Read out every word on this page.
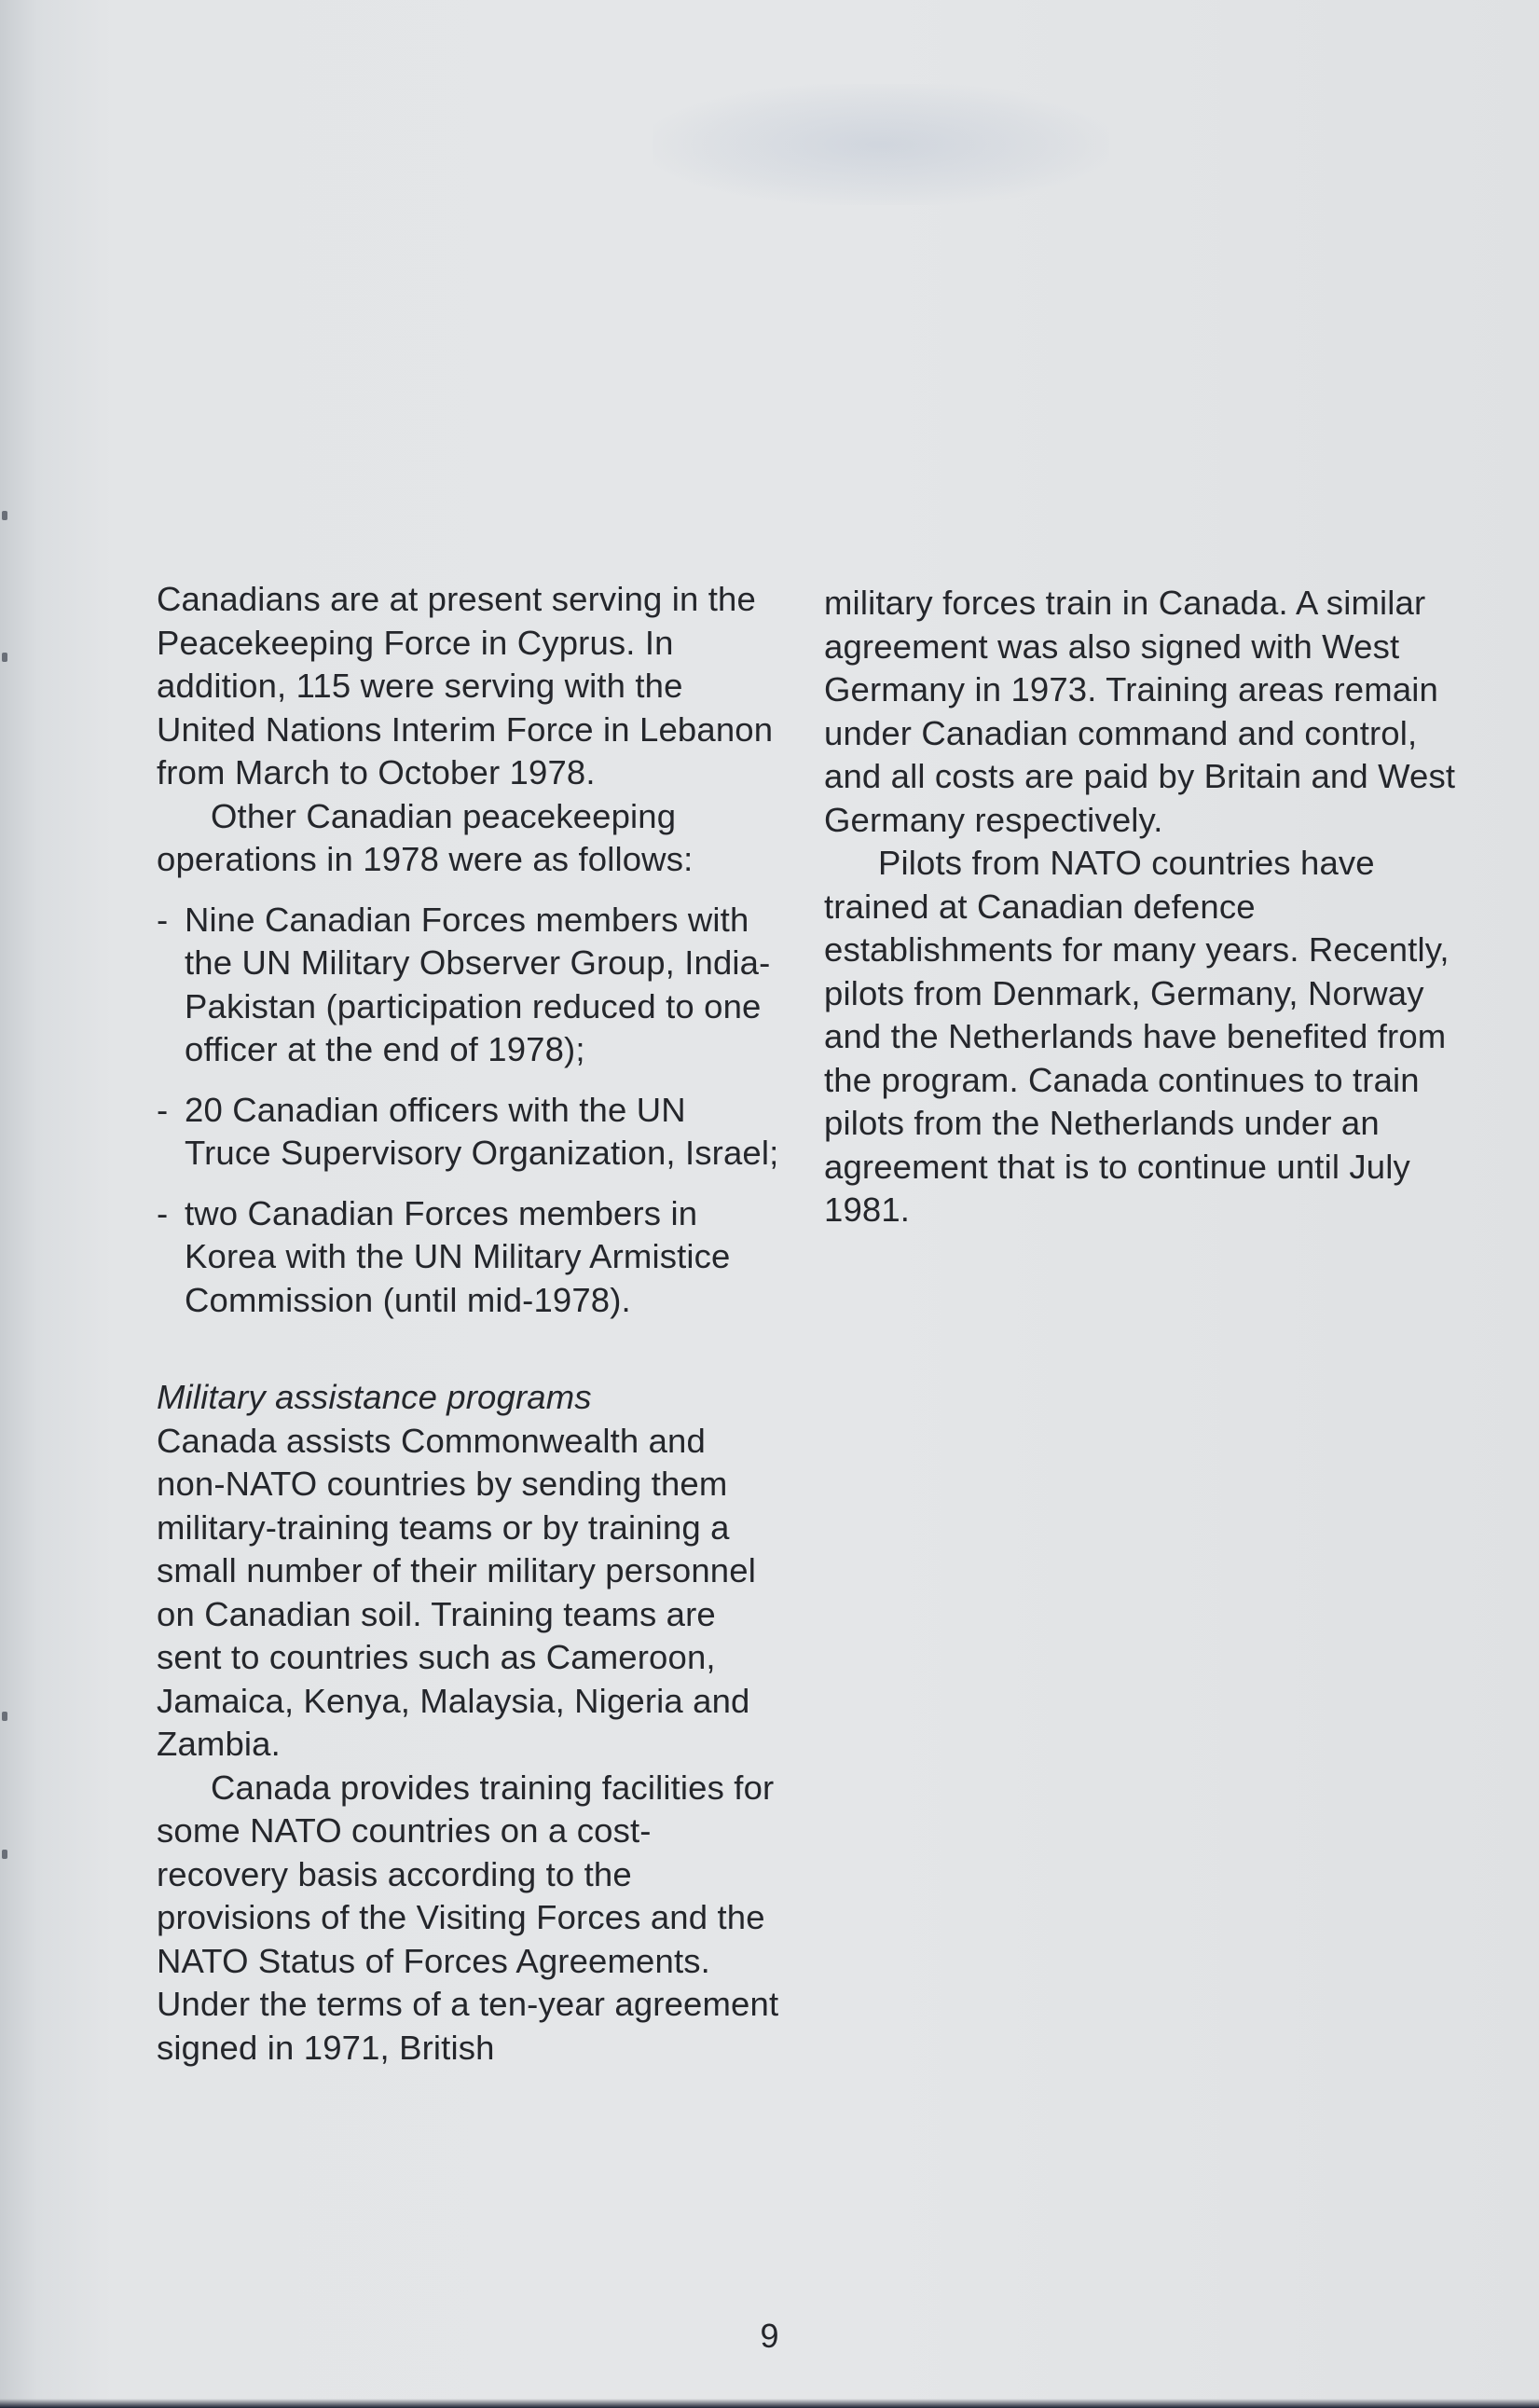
Canadians are at present serving in the Peacekeeping Force in Cyprus. In addition, 115 were serving with the United Nations Interim Force in Lebanon from March to October 1978.

Other Canadian peacekeeping operations in 1978 were as follows:

- Nine Canadian Forces members with the UN Military Observer Group, India-Pakistan (participation reduced to one officer at the end of 1978);
- 20 Canadian officers with the UN Truce Supervisory Organization, Israel;
- two Canadian Forces members in Korea with the UN Military Armistice Commission (until mid-1978).

Military assistance programs

Canada assists Commonwealth and non-NATO countries by sending them military-training teams or by training a small number of their military personnel on Canadian soil. Training teams are sent to countries such as Cameroon, Jamaica, Kenya, Malaysia, Nigeria and Zambia.

Canada provides training facilities for some NATO countries on a cost-recovery basis according to the provisions of the Visiting Forces and the NATO Status of Forces Agreements. Under the terms of a ten-year agreement signed in 1971, British

military forces train in Canada. A similar agreement was also signed with West Germany in 1973. Training areas remain under Canadian command and control, and all costs are paid by Britain and West Germany respectively.

Pilots from NATO countries have trained at Canadian defence establishments for many years. Recently, pilots from Denmark, Germany, Norway and the Netherlands have benefited from the program. Canada continues to train pilots from the Netherlands under an agreement that is to continue until July 1981.

9
